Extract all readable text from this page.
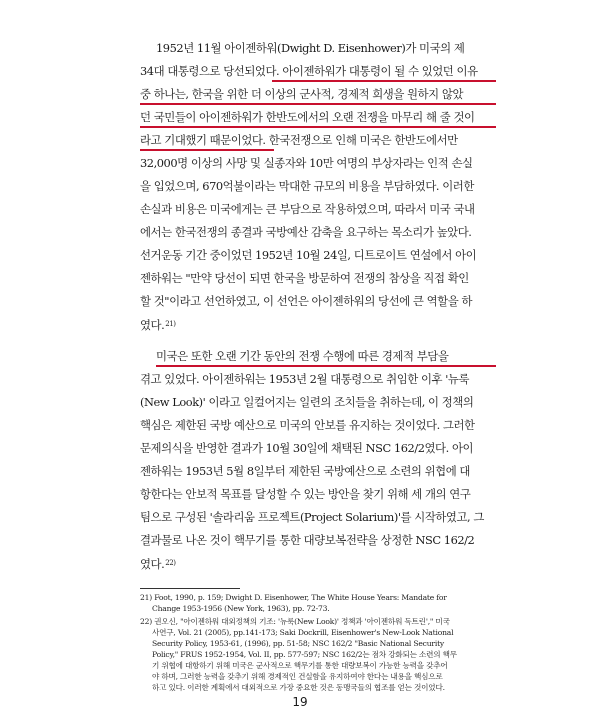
1952년 11월 아이젠하워(Dwight D. Eisenhower)가 미국의 제
34대 대통령으로 당선되었다. 아이젠하워가 대통령이 될 수 있었던 이유
중 하나는, 한국을 위한 더 이상의 군사적, 경제적 희생을 원하지 않았
던 국민들이 아이젠하워가 한반도에서의 오랜 전쟁을 마무리 해 줄 것이
라고 기대했기 때문이었다. 한국전쟁으로 인해 미국은 한반도에서만
32,000명 이상의 사망 및 실종자와 10만 여명의 부상자라는 인적 손실
을 입었으며, 670억불이라는 막대한 규모의 비용을 부담하였다. 이러한
손실과 비용은 미국에게는 큰 부담으로 작용하였으며, 따라서 미국 국내
에서는 한국전쟁의 종결과 국방예산 감축을 요구하는 목소리가 높았다.
선거운동 기간 중이었던 1952년 10월 24일, 디트로이트 연설에서 아이
젠하워는 "만약 당선이 되면 한국을 방문하여 전쟁의 참상을 직접 확인
할 것"이라고 선언하였고, 이 선언은 아이젠하워의 당선에 큰 역할을 하
였다.$^{21)}$
미국은 또한 오랜 기간 동안의 전쟁 수행에 따른 경제적 부담을
겪고 있었다. 아이젠하워는 1953년 2월 대통령으로 취임한 이후 '뉴룩
(New Look)' 이라고 일컬어지는 일련의 조치들을 취하는데, 이 정책의
핵심은 제한된 국방 예산으로 미국의 안보를 유지하는 것이었다. 그러한
문제의식을 반영한 결과가 10월 30일에 채택된 NSC 162/2였다. 아이
젠하워는 1953년 5월 8일부터 제한된 국방예산으로 소련의 위협에 대
항한다는 안보적 목표를 달성할 수 있는 방안을 찾기 위해 세 개의 연구
팀으로 구성된 '솔라리움 프로젝트(Project Solarium)'를 시작하였고, 그
결과물로 나온 것이 핵무기를 통한 대량보복전략을 상정한 NSC 162/2
였다.$^{22)}$
21) Foot, 1990, p. 159; Dwight D. Eisenhower, The White House Years: Mandate for
Change 1953-1956 (New York, 1963), pp. 72-73.
22) 권오신, "아이젠하워 대외정책의 기조: '뉴룩(New Look)' 정책과 '아이젠하워 독트린'," 미국
사연구, Vol. 21 (2005), pp.141-173; Saki Dockrill, Eisenhower's New-Look National
Security Policy, 1953-61, (1996), pp. 51-58; NSC 162/2 "Basic National Security
Policy," FRUS 1952-1954, Vol. II, pp. 577-597; NSC 162/2는 점차 강화되는 소련의 핵무
기 위협에 대항하기 위해 미국은 군사적으로 핵무기를 통한 대량보복이 가능한 능력을 갖추어
야 하며, 그러한 능력을 갖추기 위해 경제적인 건실함을 유지하여야 한다는 내용을 핵심으로
하고 있다. 이러한 계획에서 대외적으로 가장 중요한 것은 동맹국들의 협조를 얻는 것이었다.
19
